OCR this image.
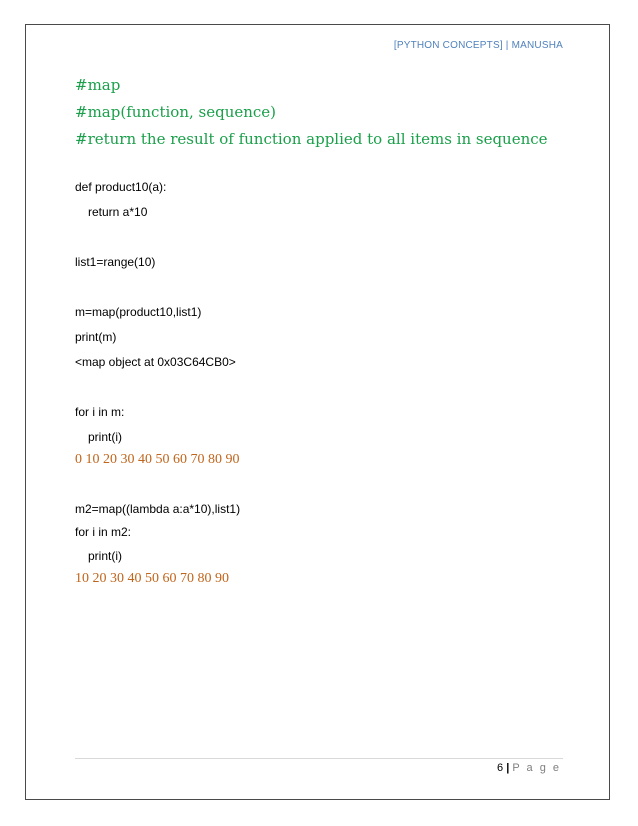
[PYTHON CONCEPTS] | MANUSHA
#map
#map(function, sequence)
#return the result of function applied to all items in sequence
def product10(a):
return a*10
list1=range(10)
m=map(product10,list1)
print(m)
<map object at 0x03C64CB0>
for i in m:
print(i)
0 10 20 30 40 50 60 70 80 90
m2=map((lambda a:a*10),list1)
for i in m2:
print(i)
10 20 30 40 50 60 70 80 90
6 | P a g e
